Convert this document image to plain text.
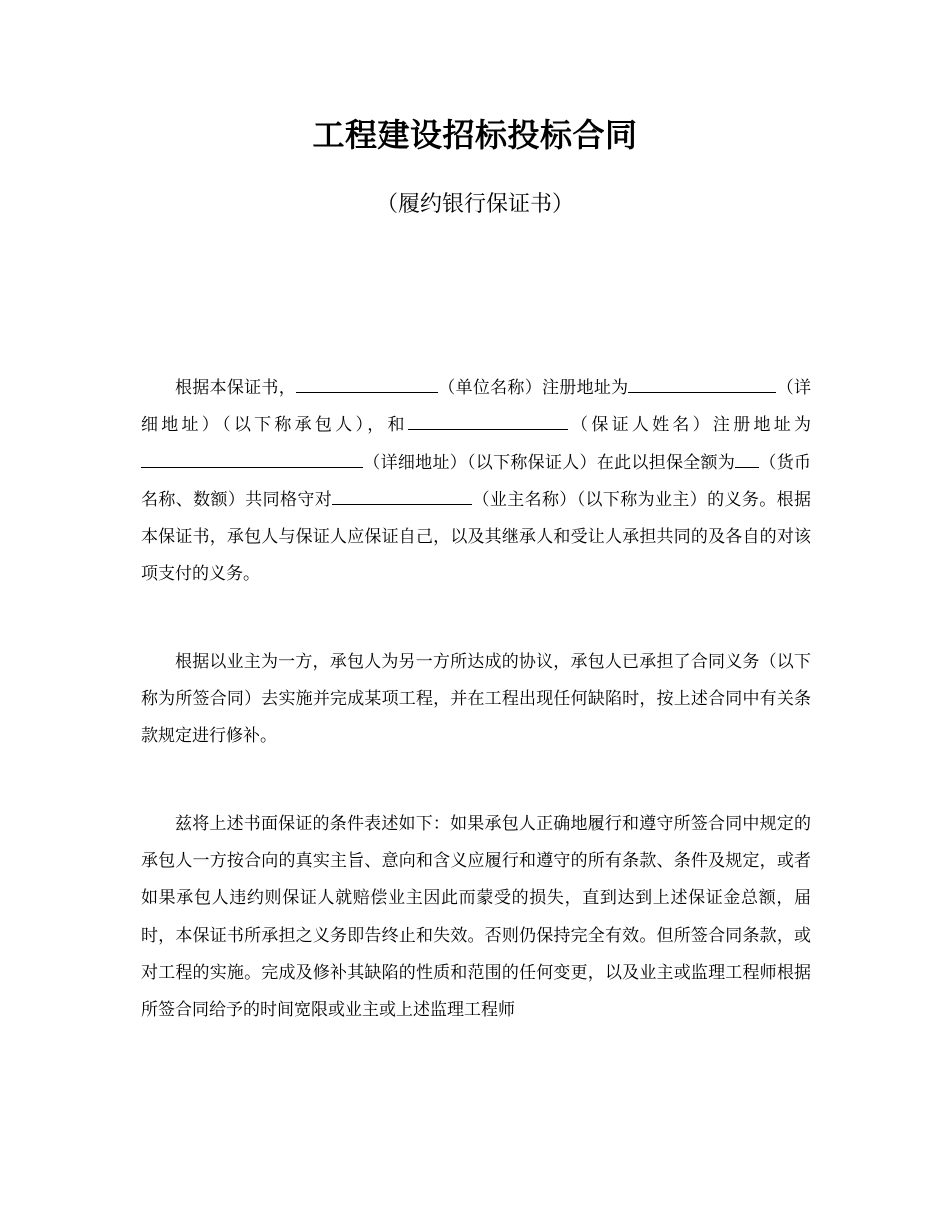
工程建设招标投标合同
（履约银行保证书）

根据本保证书，	（单位名称）注册地址为	（详细地址）（以下称承包人），和	（保证人姓名）注册地址为（详细地址）（以下称保证人）在此以担保全额为 （货币名称、数额）共同格守对	（业主名称）（以下称为业主）的义务。根据本保证书，承包人与保证人应保证自己，以及其继承人和受让人承担共同的及各自的对该项支付的义务。

根据以业主为一方，承包人为另一方所达成的协议，承包人已承担了合同义务（以下称为所签合同）去实施并完成某项工程，并在工程出现任何缺陷时，按上述合同中有关条款规定进行修补。

兹将上述书面保证的条件表述如下：如果承包人正确地履行和遵守所签合同中规定的承包人一方按合向的真实主旨、意向和含义应履行和遵守的所有条款、条件及规定，或者如果承包人违约则保证人就赔偿业主因此而蒙受的损失，直到达到上述保证金总额，届时，本保证书所承担之义务即告终止和失效。否则仍保持完全有效。但所签合同条款，或对工程的实施。完成及修补其缺陷的性质和范围的任何变更，以及业主或监理工程师根据所签合同给予的时间宽限或业主或上述监理工程师
